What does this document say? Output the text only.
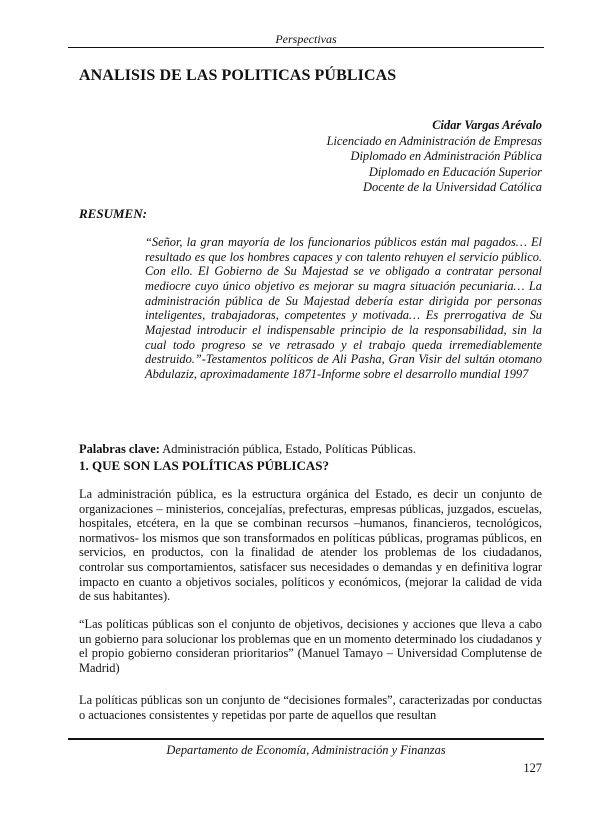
Perspectivas
ANALISIS DE LAS POLITICAS PÚBLICAS
Cidar Vargas Arévalo
Licenciado en Administración de Empresas
Diplomado en Administración Pública
Diplomado en Educación Superior
Docente de la Universidad Católica
RESUMEN:
“Señor, la gran mayoría de los funcionarios públicos están mal pagados… El resultado es que los hombres capaces y con talento rehuyen el servicio público. Con ello. El Gobierno de Su Majestad se ve obligado a contratar personal mediocre cuyo único objetivo es mejorar su magra situación pecuniaria… La administración pública de Su Majestad debería estar dirigida por personas inteligentes, trabajadoras, competentes y motivada… Es prerrogativa de Su Majestad introducir el indispensable principio de la responsabilidad, sin la cual todo progreso se ve retrasado y el trabajo queda irremediablemente destruido.”-Testamentos políticos de Ali Pasha, Gran Visir del sultán otomano Abdulaziz, aproximadamente 1871-Informe sobre el desarrollo mundial 1997
Palabras clave: Administración pública, Estado, Políticas Públicas.
1. QUE SON LAS POLÍTICAS PÚBLICAS?
La administración pública, es la estructura orgánica del Estado, es decir un conjunto de organizaciones – ministerios, concejalías, prefecturas, empresas públicas, juzgados, escuelas, hospitales, etcétera, en la que se combinan recursos –humanos, financieros, tecnológicos, normativos- los mismos que son transformados en políticas públicas, programas públicos, en servicios, en productos, con la finalidad de atender los problemas de los ciudadanos, controlar sus comportamientos, satisfacer sus necesidades o demandas y en definitiva lograr impacto en cuanto a objetivos sociales, políticos y económicos, (mejorar la calidad de vida de sus habitantes).
“Las políticas públicas son el conjunto de objetivos, decisiones y acciones que lleva a cabo un gobierno para solucionar los problemas que en un momento determinado los ciudadanos y el propio gobierno consideran prioritarios” (Manuel Tamayo – Universidad Complutense de Madrid)
La políticas públicas son un conjunto de “decisiones formales”, caracterizadas por conductas o actuaciones consistentes y repetidas por parte de aquellos que resultan
Departamento de Economía, Administración y Finanzas
127
